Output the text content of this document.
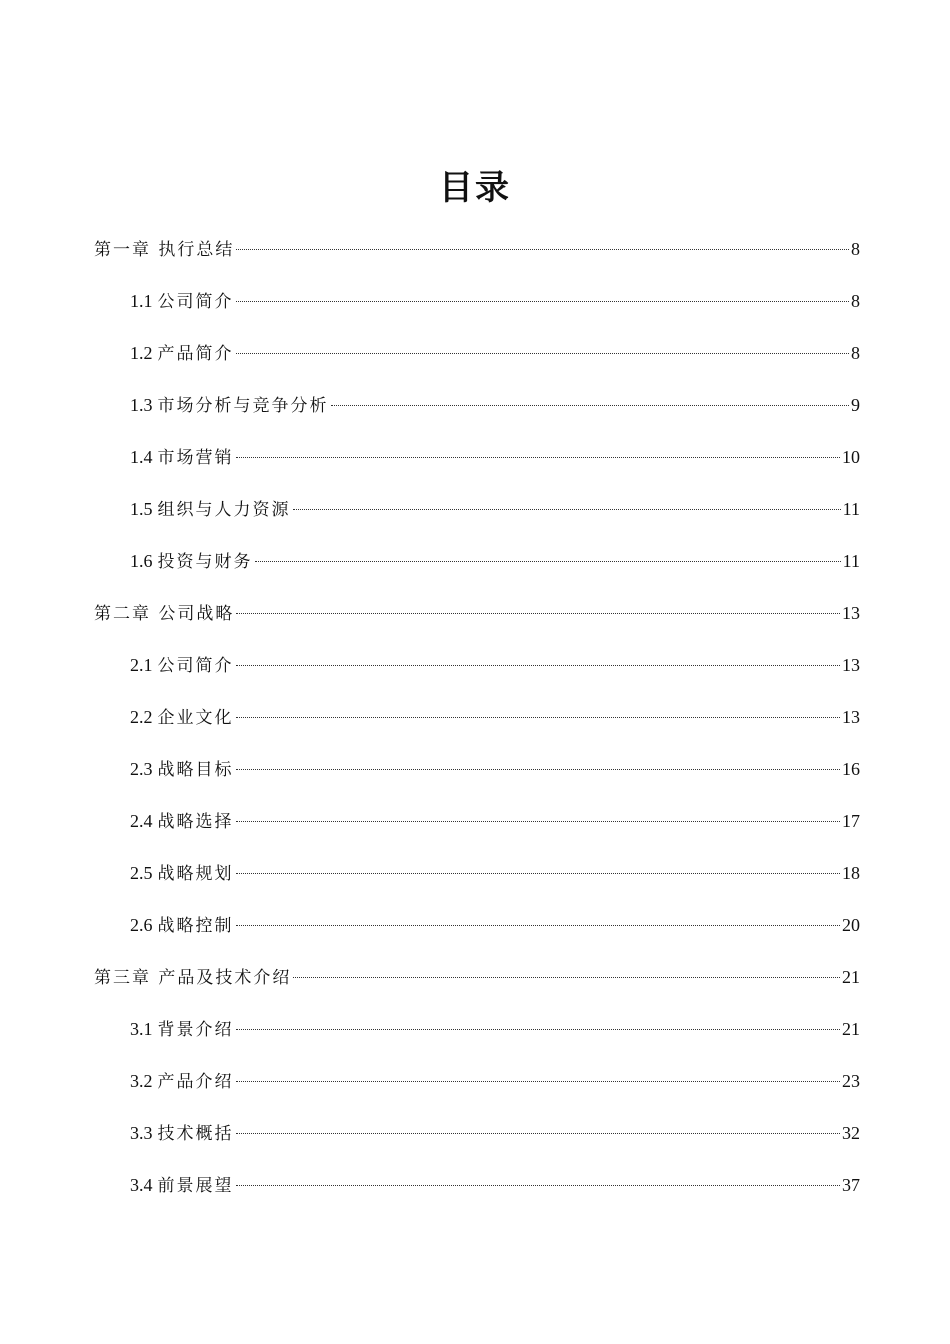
目录
第一章 执行总结	8
1.1 公司简介	8
1.2 产品简介	8
1.3 市场分析与竞争分析	9
1.4 市场营销	10
1.5 组织与人力资源	11
1.6 投资与财务	11
第二章 公司战略	13
2.1 公司简介	13
2.2 企业文化	13
2.3 战略目标	16
2.4 战略选择	17
2.5 战略规划	18
2.6 战略控制	20
第三章 产品及技术介绍	21
3.1 背景介绍	21
3.2 产品介绍	23
3.3 技术概括	32
3.4 前景展望	37
